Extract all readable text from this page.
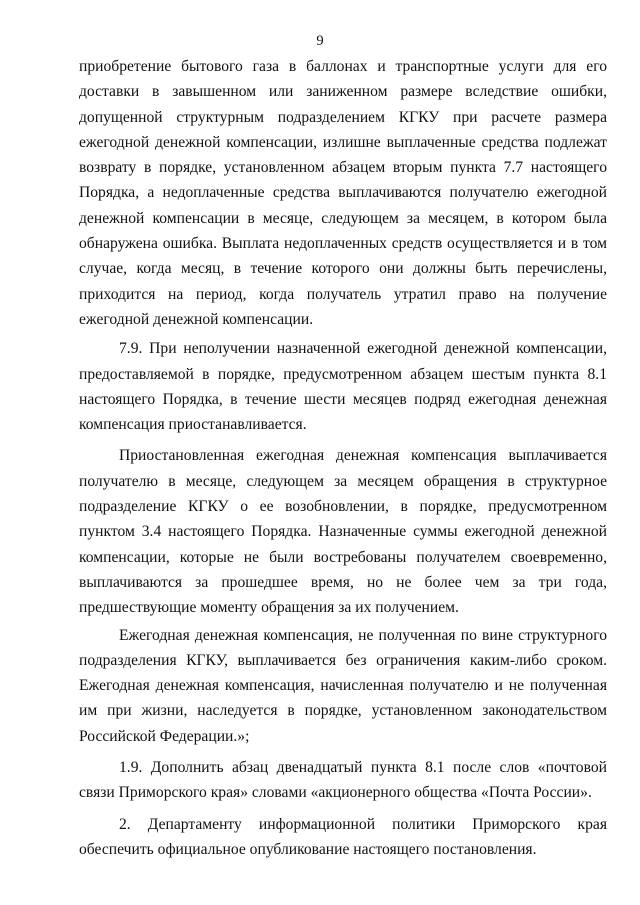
9

приобретение бытового газа в баллонах и транспортные услуги для его доставки в завышенном или заниженном размере вследствие ошибки, допущенной структурным подразделением КГКУ при расчете размера ежегодной денежной компенсации, излишне выплаченные средства подлежат возврату в порядке, установленном абзацем вторым пункта 7.7 настоящего Порядка, а недоплаченные средства выплачиваются получателю ежегодной денежной компенсации в месяце, следующем за месяцем, в котором была обнаружена ошибка. Выплата недоплаченных средств осуществляется и в том случае, когда месяц, в течение которого они должны быть перечислены, приходится на период, когда получатель утратил право на получение ежегодной денежной компенсации.

7.9. При неполучении назначенной ежегодной денежной компенсации, предоставляемой в порядке, предусмотренном абзацем шестым пункта 8.1 настоящего Порядка, в течение шести месяцев подряд ежегодная денежная компенсация приостанавливается.

Приостановленная ежегодная денежная компенсация выплачивается получателю в месяце, следующем за месяцем обращения в структурное подразделение КГКУ о ее возобновлении, в порядке, предусмотренном пунктом 3.4 настоящего Порядка. Назначенные суммы ежегодной денежной компенсации, которые не были востребованы получателем своевременно, выплачиваются за прошедшее время, но не более чем за три года, предшествующие моменту обращения за их получением.

Ежегодная денежная компенсация, не полученная по вине структурного подразделения КГКУ, выплачивается без ограничения каким-либо сроком. Ежегодная денежная компенсация, начисленная получателю и не полученная им при жизни, наследуется в порядке, установленном законодательством Российской Федерации.»;

1.9. Дополнить абзац двенадцатый пункта 8.1 после слов «почтовой связи Приморского края» словами «акционерного общества «Почта России».

2. Департаменту информационной политики Приморского края обеспечить официальное опубликование настоящего постановления.
